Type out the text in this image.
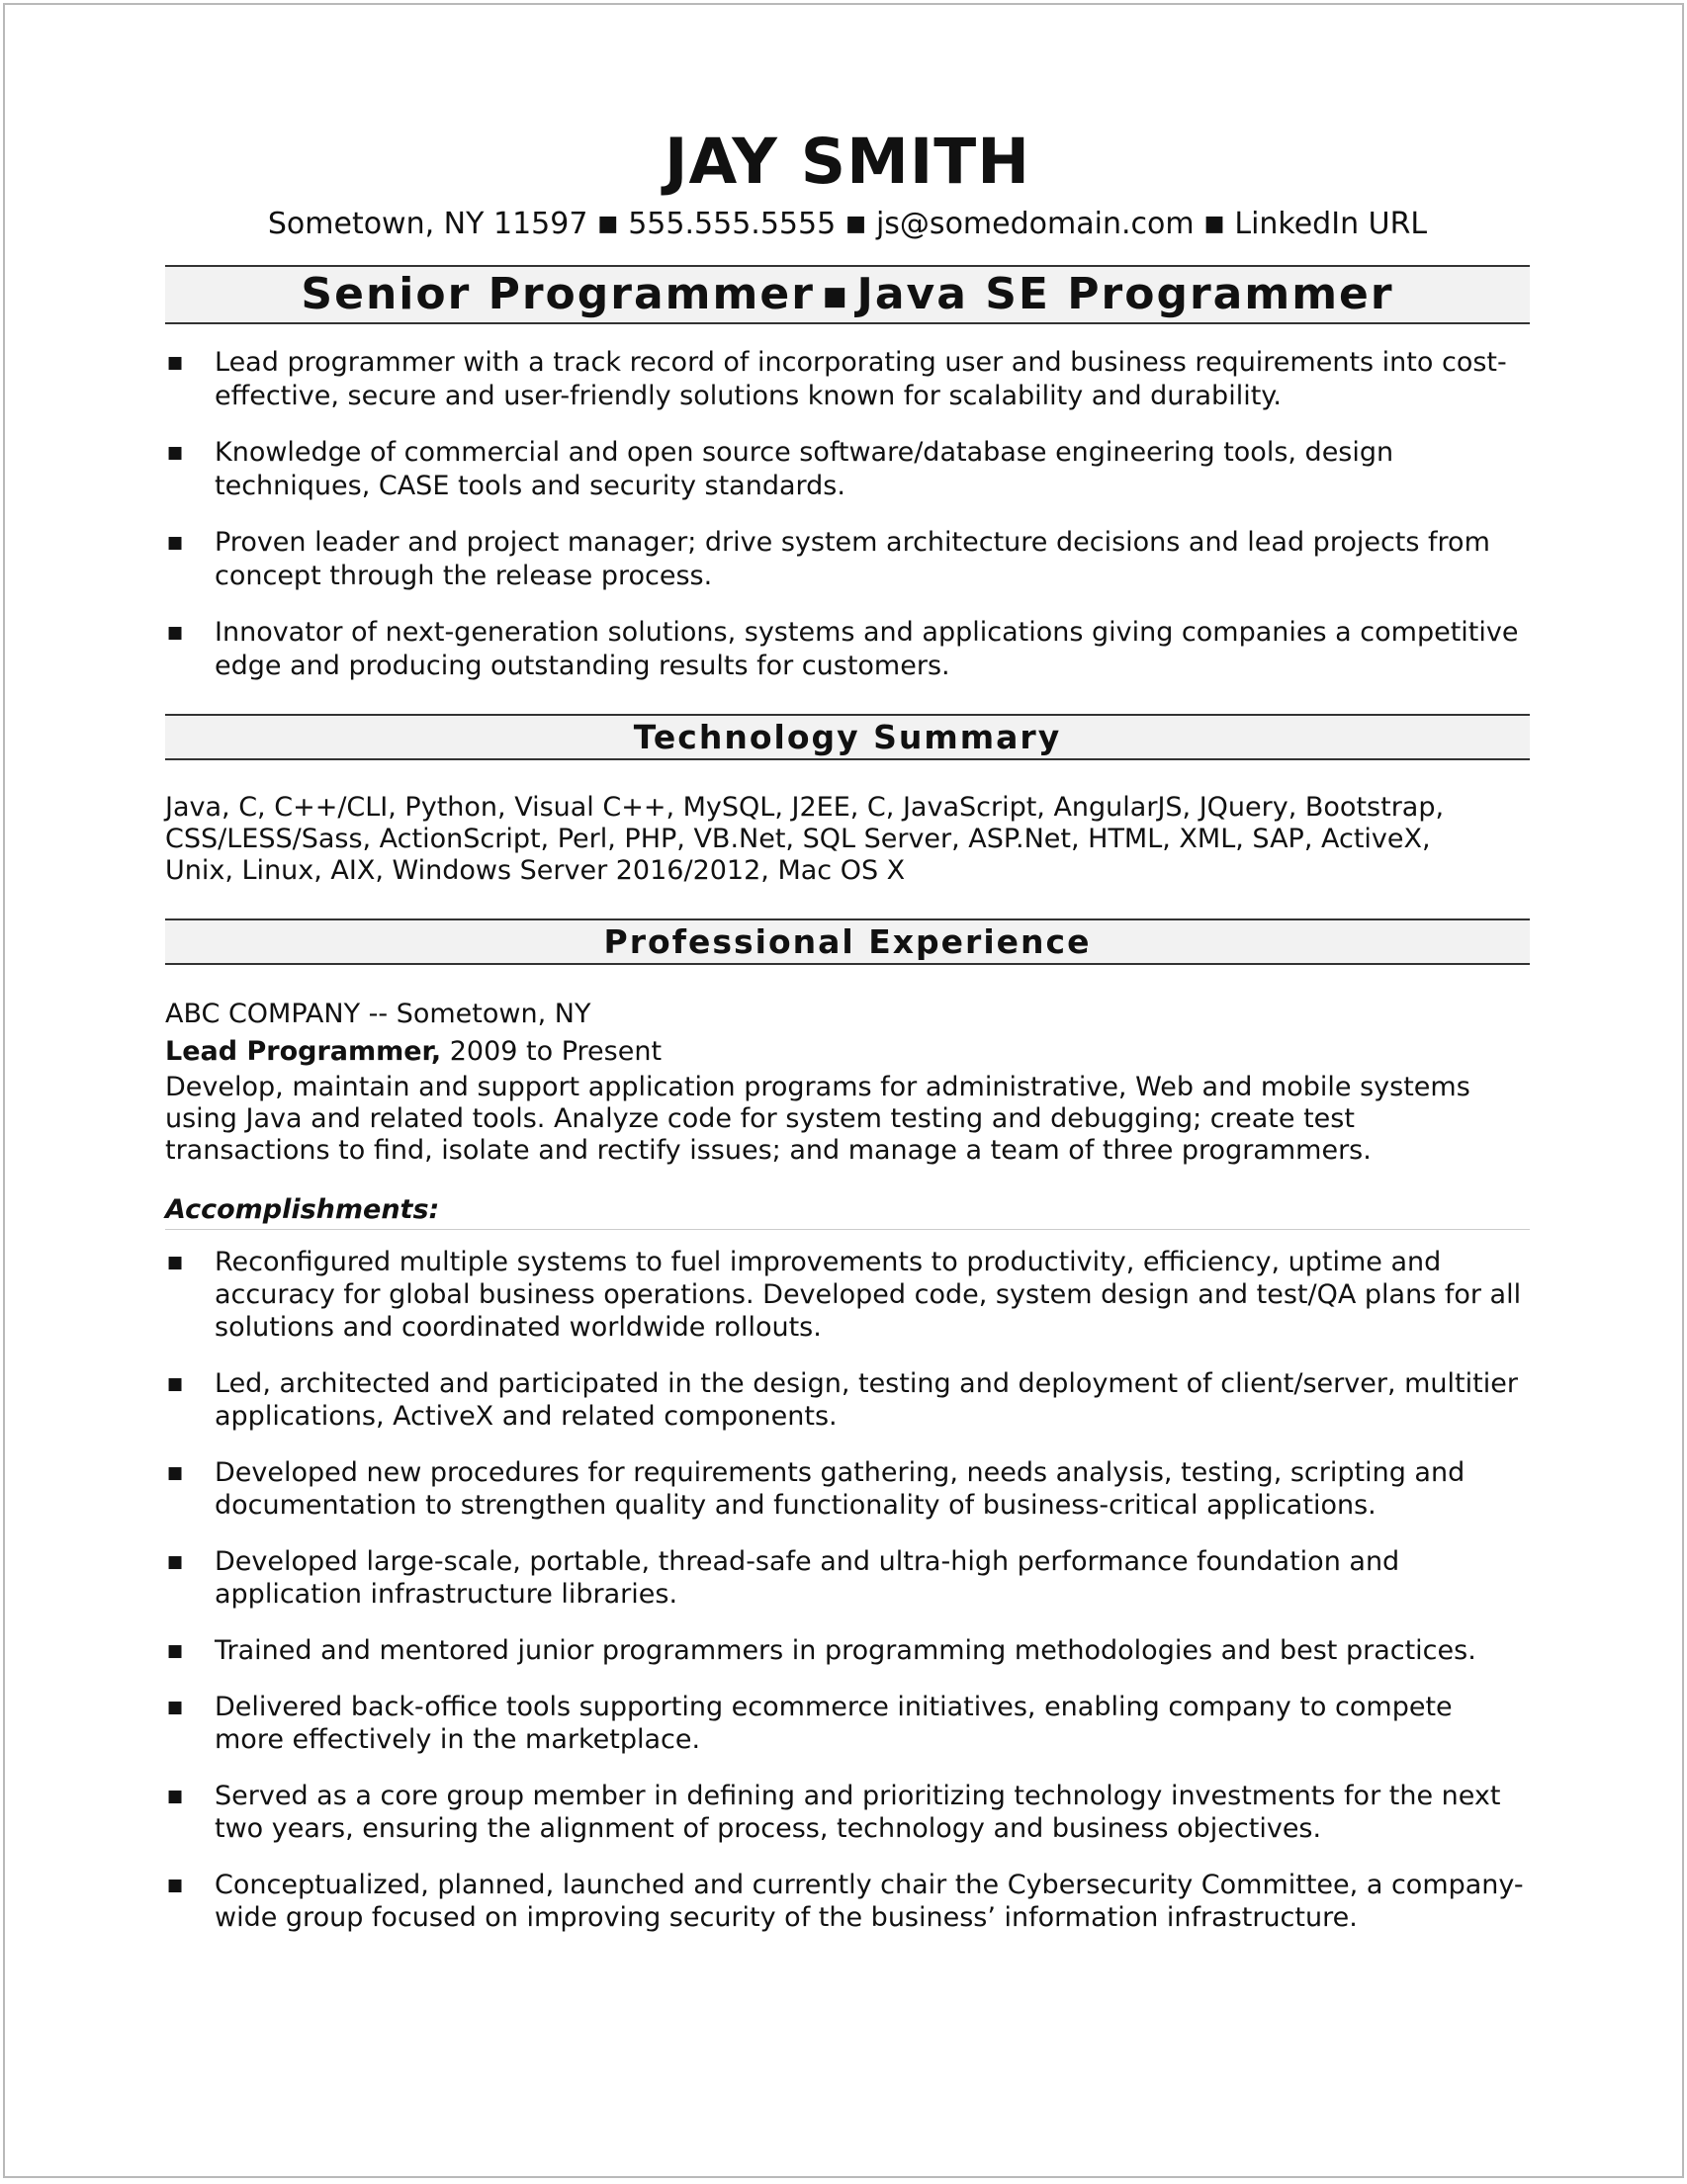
JAY SMITH
Sometown, NY 11597 ■ 555.555.5555 ■ js@somedomain.com ■ LinkedIn URL
Senior Programmer ■ Java SE Programmer
■ Lead programmer with a track record of incorporating user and business requirements into cost-effective, secure and user-friendly solutions known for scalability and durability.
■ Knowledge of commercial and open source software/database engineering tools, design techniques, CASE tools and security standards.
■ Proven leader and project manager; drive system architecture decisions and lead projects from concept through the release process.
■ Innovator of next-generation solutions, systems and applications giving companies a competitive edge and producing outstanding results for customers.
Technology Summary
Java, C, C++/CLI, Python, Visual C++, MySQL, J2EE, C, JavaScript, AngularJS, JQuery, Bootstrap,
CSS/LESS/Sass, ActionScript, Perl, PHP, VB.Net, SQL Server, ASP.Net, HTML, XML, SAP, ActiveX,
Unix, Linux, AIX, Windows Server 2016/2012, Mac OS X
Professional Experience
ABC COMPANY -- Sometown, NY
Lead Programmer, 2009 to Present
Develop, maintain and support application programs for administrative, Web and mobile systems
using Java and related tools. Analyze code for system testing and debugging; create test
transactions to find, isolate and rectify issues; and manage a team of three programmers.
Accomplishments:
■ Reconfigured multiple systems to fuel improvements to productivity, efficiency, uptime and accuracy for global business operations. Developed code, system design and test/QA plans for all solutions and coordinated worldwide rollouts.
■ Led, architected and participated in the design, testing and deployment of client/server, multitier applications, ActiveX and related components.
■ Developed new procedures for requirements gathering, needs analysis, testing, scripting and documentation to strengthen quality and functionality of business-critical applications.
■ Developed large-scale, portable, thread-safe and ultra-high performance foundation and application infrastructure libraries.
■ Trained and mentored junior programmers in programming methodologies and best practices.
■ Delivered back-office tools supporting ecommerce initiatives, enabling company to compete more effectively in the marketplace.
■ Served as a core group member in defining and prioritizing technology investments for the next two years, ensuring the alignment of process, technology and business objectives.
■ Conceptualized, planned, launched and currently chair the Cybersecurity Committee, a company-wide group focused on improving security of the business’ information infrastructure.
